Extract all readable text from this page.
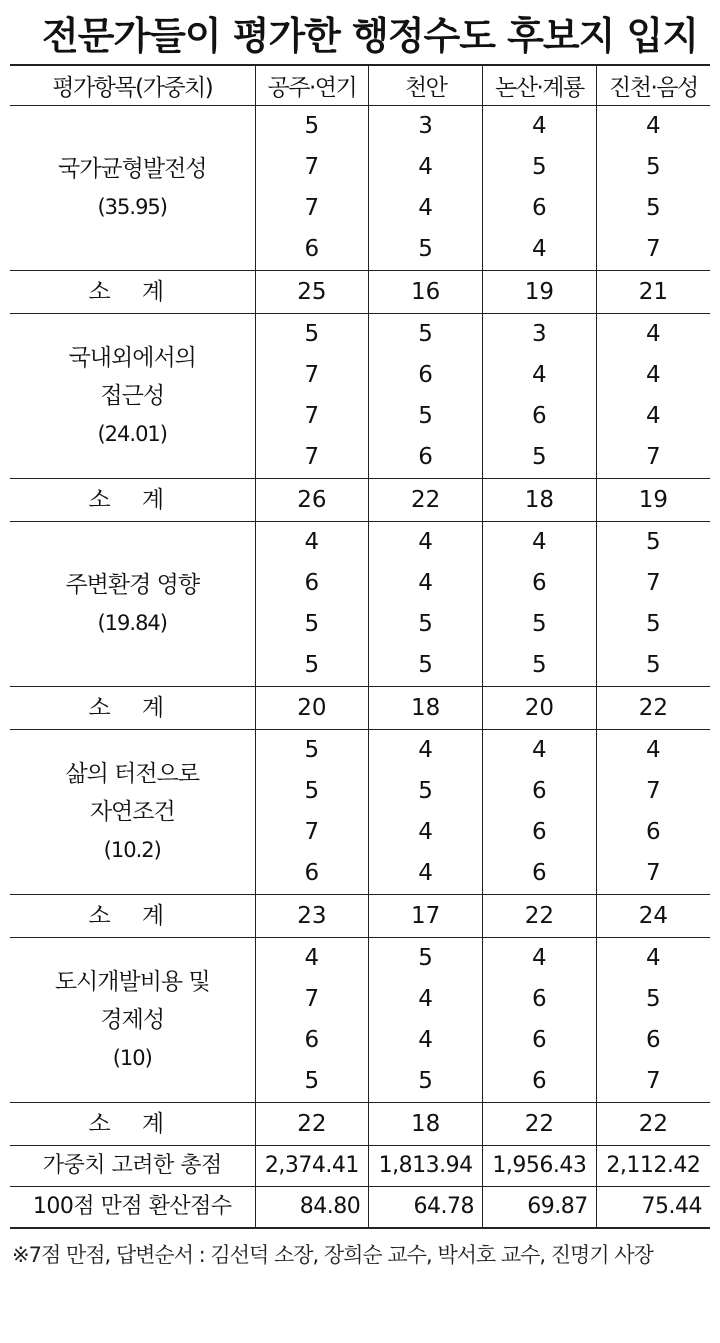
전문가들이 평가한 행정수도 후보지 입지
평가항목(가중치)	공주·연기	천안	논산·계룡	진천·음성

국가균형발전성
(35.95)	5	3	4	4
	7	4	5	5
	7	4	6	5
	6	5	4	7
소 계	25	16	19	21

국내외에서의
접근성
(24.01)	5	5	3	4
	7	6	4	4
	7	5	6	4
	7	6	5	7
소 계	26	22	18	19

주변환경 영향
(19.84)	4	4	4	5
	6	4	6	7
	5	5	5	5
	5	5	5	5
소 계	20	18	20	22

삶의 터전으로
자연조건
(10.2)	5	4	4	4
	5	5	6	7
	7	4	6	6
	6	4	6	7
소 계	23	17	22	24

도시개발비용 및
경제성
(10)	4	5	4	4
	7	4	6	5
	6	4	6	6
	5	5	6	7
소 계	22	18	22	22
가중치 고려한 총점	2,374.41	1,813.94	1,956.43	2,112.42
100점 만점 환산점수	84.80	64.78	69.87	75.44
※7점 만점, 답변순서 : 김선덕 소장, 장희순 교수, 박서호 교수, 진명기 사장
